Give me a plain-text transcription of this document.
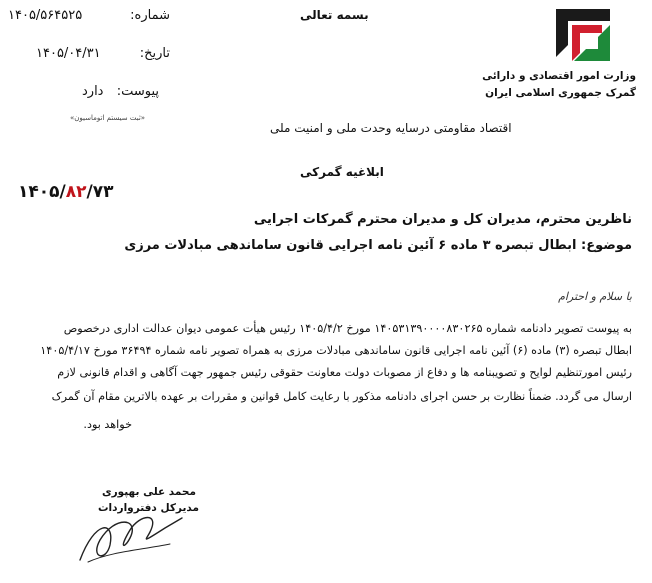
شماره:
۱۴۰۵/۵۶۴۵۲۵
تاریخ:
۱۴۰۵/۰۴/۳۱
پیوست:
دارد
«ثبت سیستم اتوماسیون»
بسمه تعالی
اقتصاد مقاومتی درسایه وحدت ملی و امنیت ملی
وزارت امور اقتصادی و دارائی
گمرک جمهوری اسلامی ایران
ابلاغیه گمرکی
۱۴۰۵/۸۲/۷۳
ناظرین محترم، مدیران کل و مدیران محترم گمرکات اجرایی
موضوع: ابطال تبصره ۳ ماده ۶ آئین نامه اجرایی قانون ساماندهی مبادلات مرزی
با سلام و احترام
به پیوست تصویر دادنامه شماره ۱۴۰۵۳۱۳۹۰۰۰۰۸۳۰۲۶۵ مورخ ۱۴۰۵/۴/۲ رئیس هیأت عمومی دیوان عدالت اداری درخصوص
ابطال تبصره (۳) ماده (۶) آئین نامه اجرایی قانون ساماندهی مبادلات مرزی به همراه تصویر نامه شماره ۳۶۴۹۴ مورخ ۱۴۰۵/۴/۱۷
رئیس امورتنظیم لوایح و تصویبنامه ها و دفاع از مصوبات دولت معاونت حقوقی رئیس جمهور جهت آگاهی و اقدام قانونی لازم
ارسال می گردد. ضمناً نظارت بر حسن اجرای دادنامه مذکور با رعایت کامل قوانین و مقررات بر عهده بالاترین مقام آن گمرک
خواهد بود.
محمد علی بهپوری
مدیرکل دفترواردات
